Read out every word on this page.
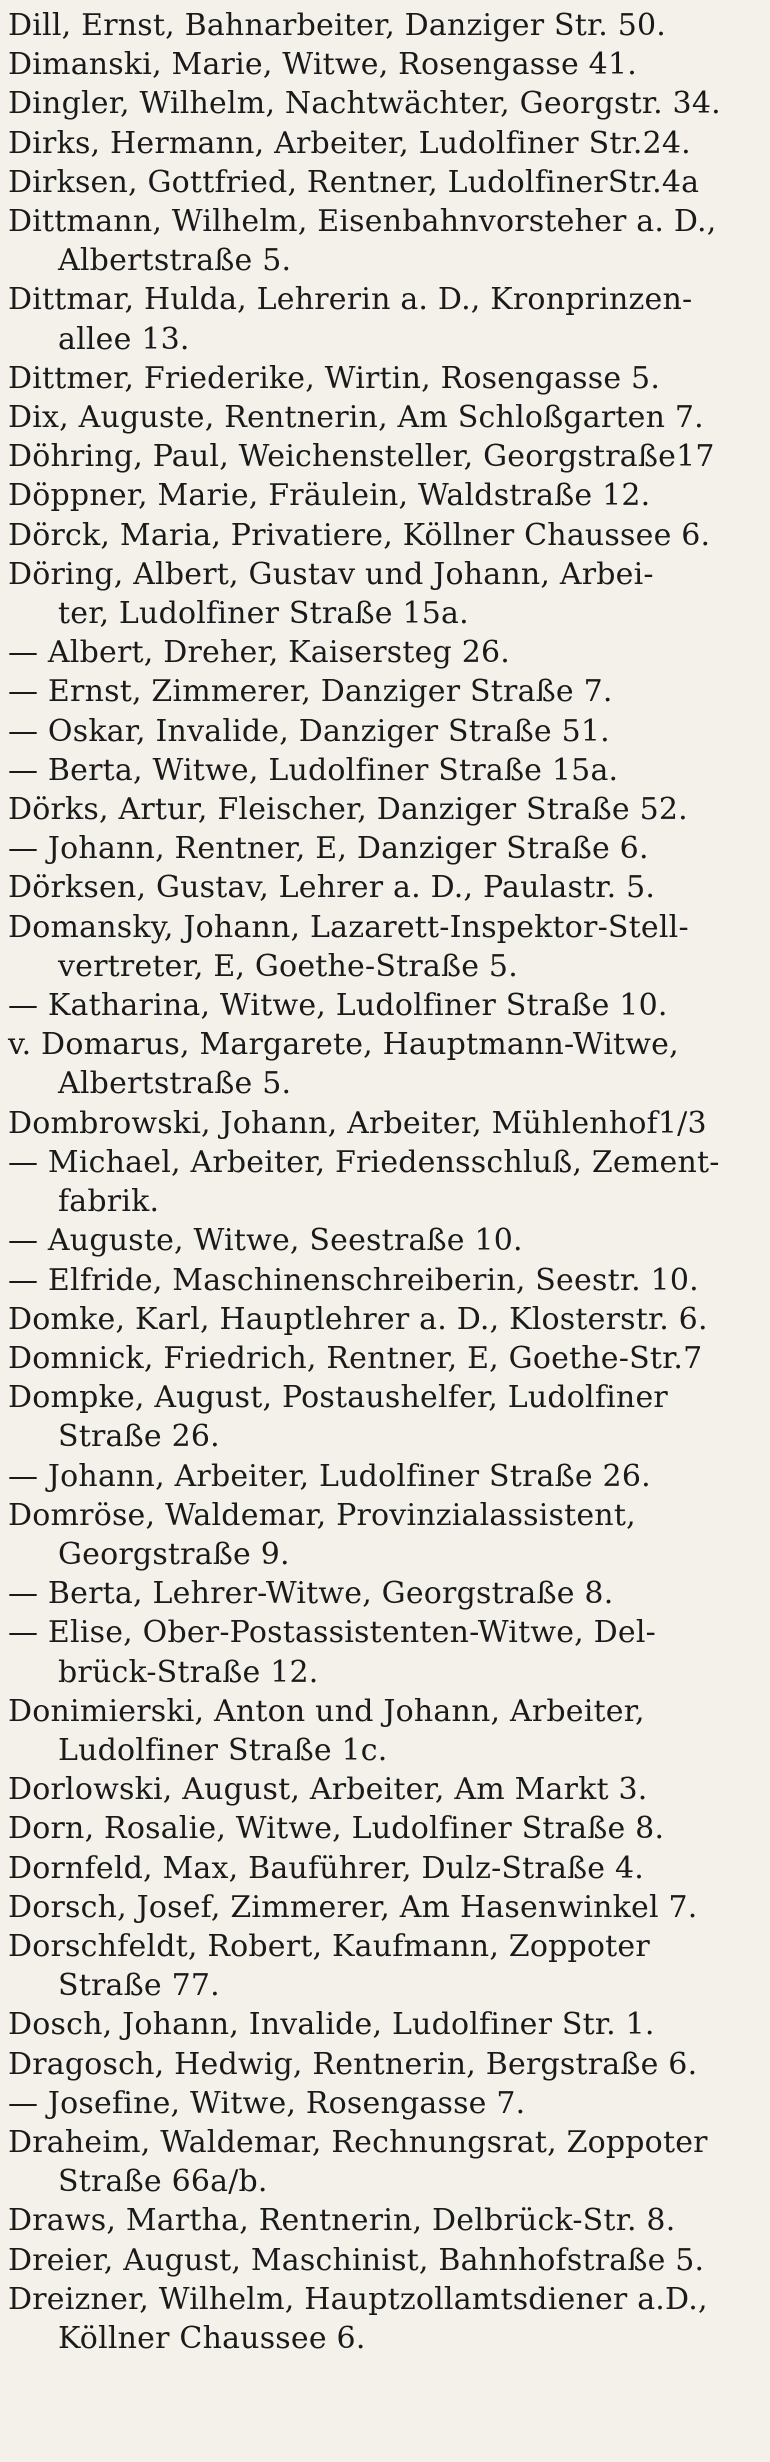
Dill, Ernst, Bahnarbeiter, Danziger Str. 50.
Dimanski, Marie, Witwe, Rosengasse 41.
Dingler, Wilhelm, Nachtwächter, Georgstr. 34.
Dirks, Hermann, Arbeiter, Ludolfiner Str.24.
Dirksen, Gottfried, Rentner, LudolfinerStr.4a
Dittmann, Wilhelm, Eisenbahnvorsteher a. D.,
Albertstraße 5.
Dittmar, Hulda, Lehrerin a. D., Kronprinzen-
allee 13.
Dittmer, Friederike, Wirtin, Rosengasse 5.
Dix, Auguste, Rentnerin, Am Schloßgarten 7.
Döhring, Paul, Weichensteller, Georgstraße17
Döppner, Marie, Fräulein, Waldstraße 12.
Dörck, Maria, Privatiere, Köllner Chaussee 6.
Döring, Albert, Gustav und Johann, Arbei-
ter, Ludolfiner Straße 15a.
— Albert, Dreher, Kaisersteg 26.
— Ernst, Zimmerer, Danziger Straße 7.
— Oskar, Invalide, Danziger Straße 51.
— Berta, Witwe, Ludolfiner Straße 15a.
Dörks, Artur, Fleischer, Danziger Straße 52.
— Johann, Rentner, E, Danziger Straße 6.
Dörksen, Gustav, Lehrer a. D., Paulastr. 5.
Domansky, Johann, Lazarett-Inspektor-Stell-
vertreter, E, Goethe-Straße 5.
— Katharina, Witwe, Ludolfiner Straße 10.
v. Domarus, Margarete, Hauptmann-Witwe,
Albertstraße 5.
Dombrowski, Johann, Arbeiter, Mühlenhof1/3
— Michael, Arbeiter, Friedensschluß, Zement-
fabrik.
— Auguste, Witwe, Seestraße 10.
— Elfride, Maschinenschreiberin, Seestr. 10.
Domke, Karl, Hauptlehrer a. D., Klosterstr. 6.
Domnick, Friedrich, Rentner, E, Goethe-Str.7
Dompke, August, Postaushelfer, Ludolfiner
Straße 26.
— Johann, Arbeiter, Ludolfiner Straße 26.
Domröse, Waldemar, Provinzialassistent,
Georgstraße 9.
— Berta, Lehrer-Witwe, Georgstraße 8.
— Elise, Ober-Postassistenten-Witwe, Del-
brück-Straße 12.
Donimierski, Anton und Johann, Arbeiter,
Ludolfiner Straße 1c.
Dorlowski, August, Arbeiter, Am Markt 3.
Dorn, Rosalie, Witwe, Ludolfiner Straße 8.
Dornfeld, Max, Bauführer, Dulz-Straße 4.
Dorsch, Josef, Zimmerer, Am Hasenwinkel 7.
Dorschfeldt, Robert, Kaufmann, Zoppoter
Straße 77.
Dosch, Johann, Invalide, Ludolfiner Str. 1.
Dragosch, Hedwig, Rentnerin, Bergstraße 6.
— Josefine, Witwe, Rosengasse 7.
Draheim, Waldemar, Rechnungsrat, Zoppoter
Straße 66a/b.
Draws, Martha, Rentnerin, Delbrück-Str. 8.
Dreier, August, Maschinist, Bahnhofstraße 5.
Dreizner, Wilhelm, Hauptzollamtsdiener a.D.,
Köllner Chaussee 6.
